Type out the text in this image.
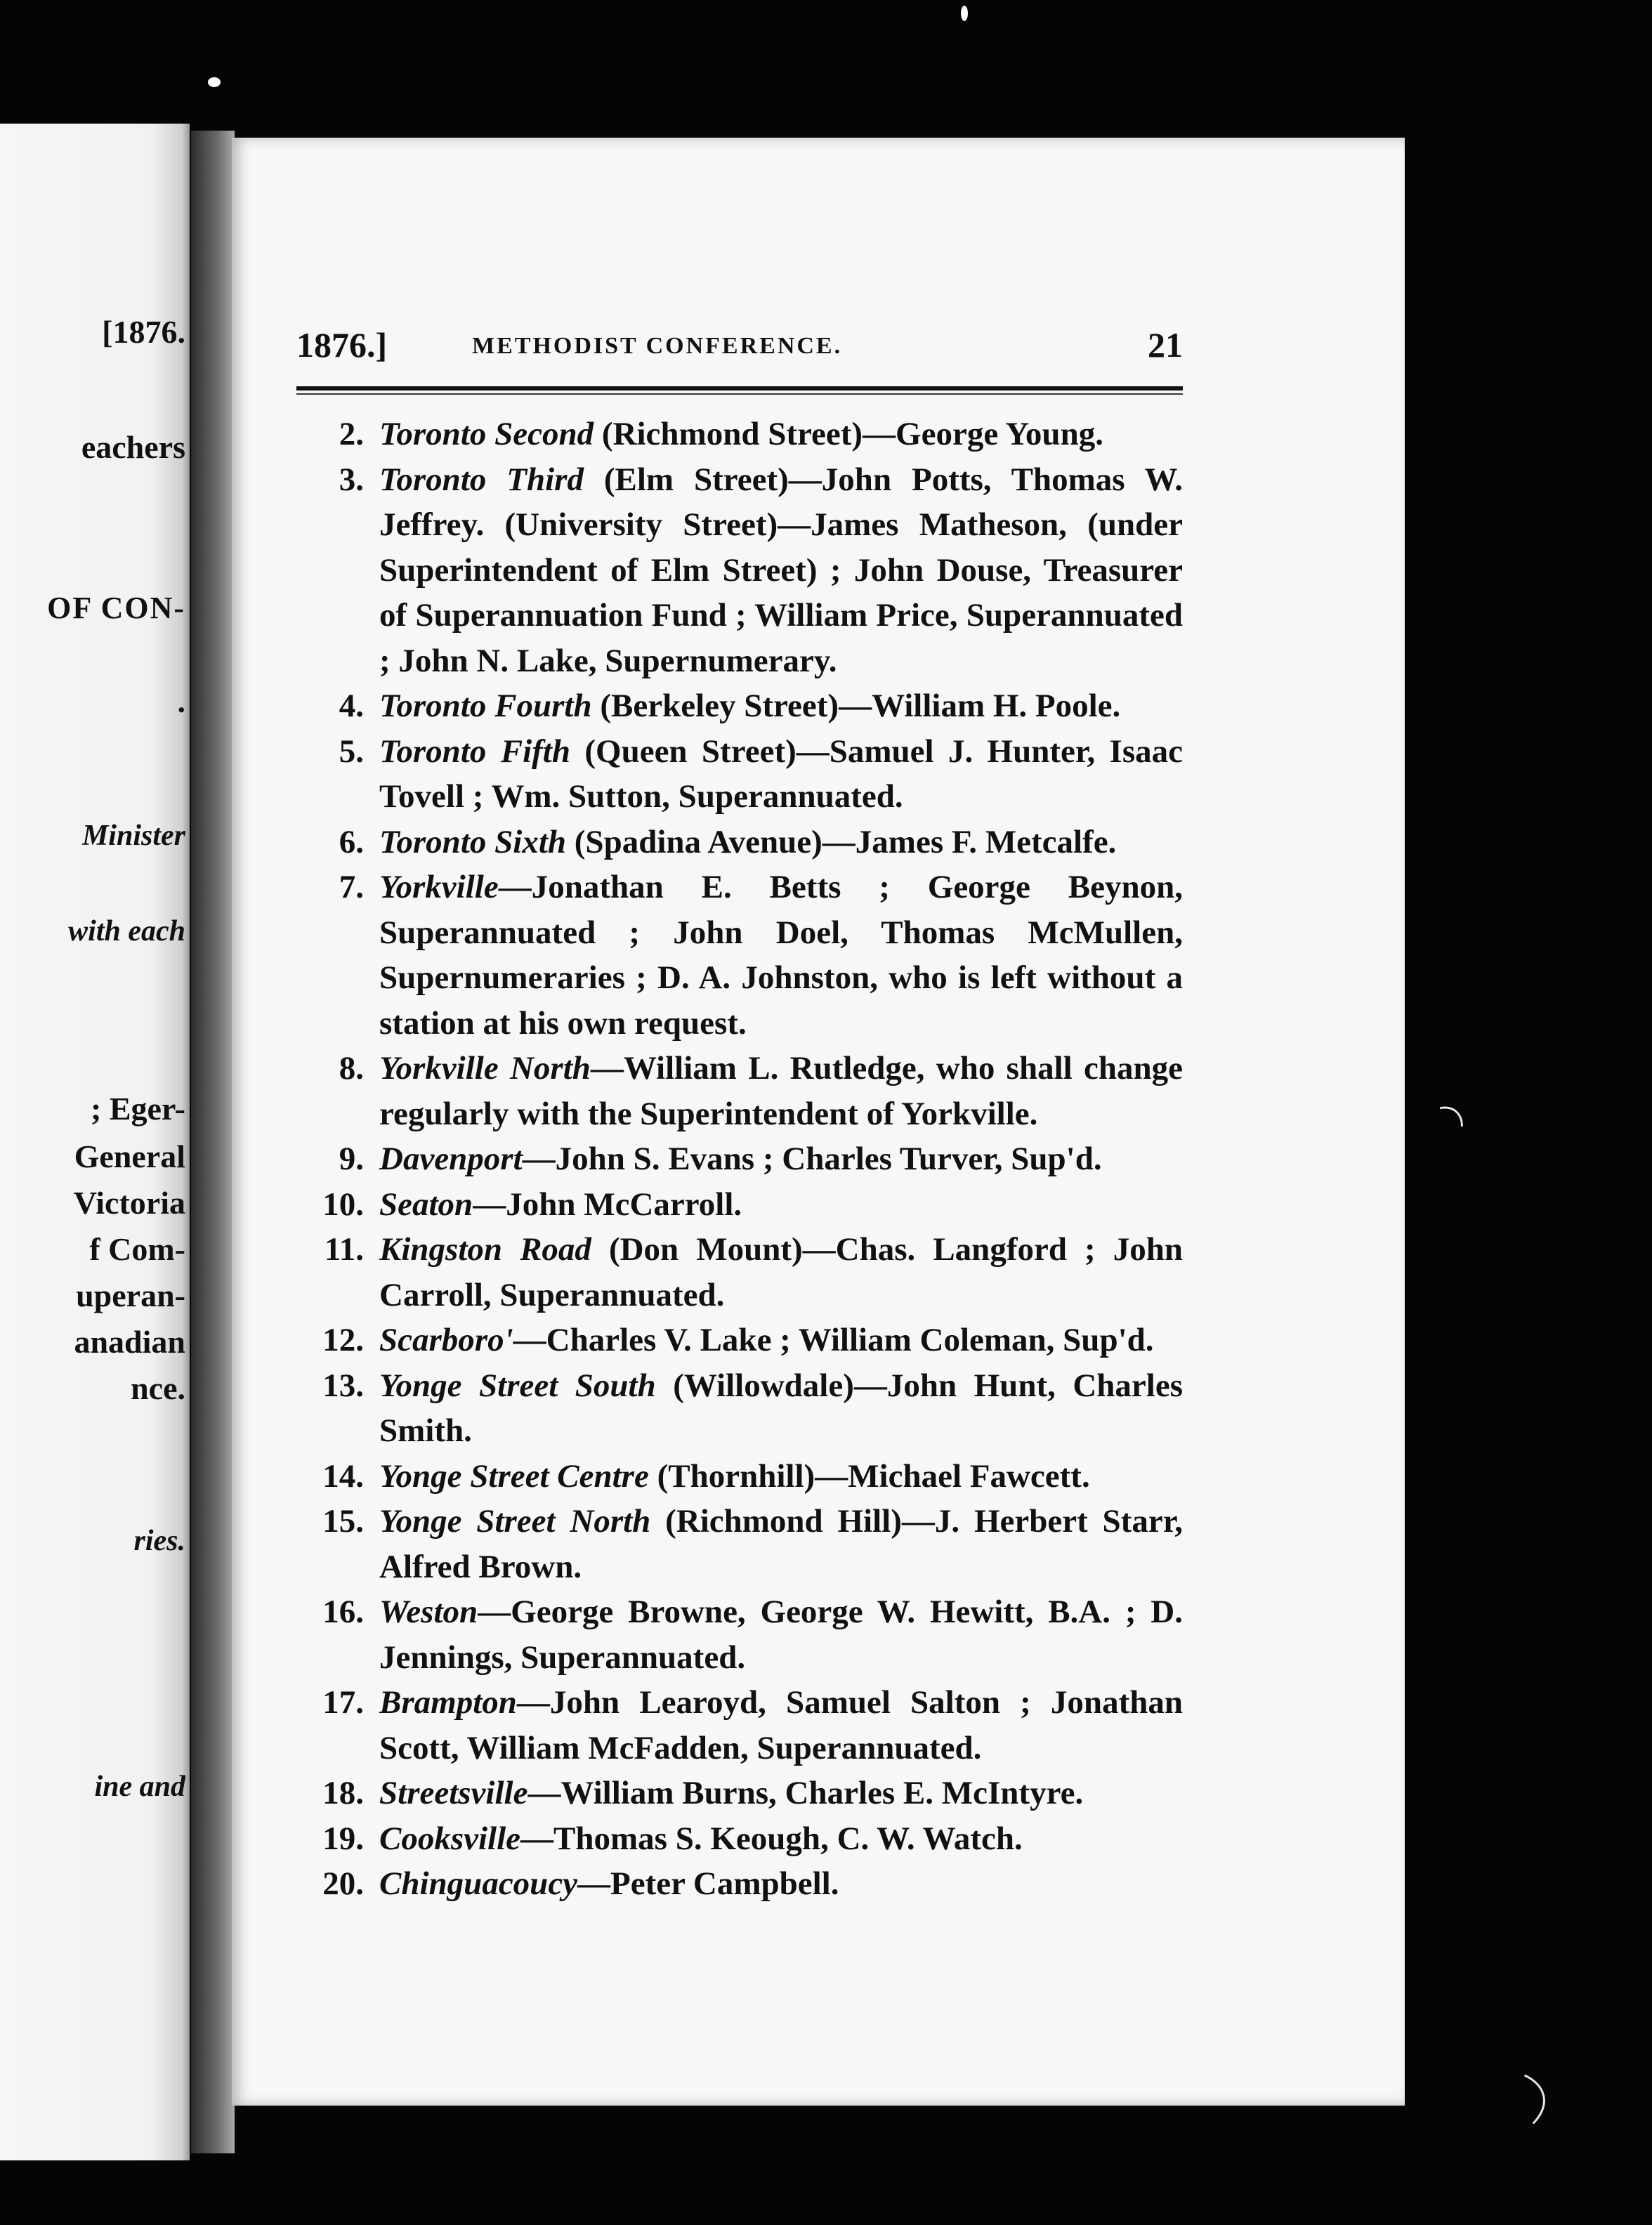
[1876.
eachers
OF CON-
.
Minister
with each
; Eger-
General
Victoria
f Com-
uperan-
anadian
nce.
ries.
ine and
1876.]	METHODIST CONFERENCE.	21
2. Toronto Second (Richmond Street)—George Young.
3. Toronto Third (Elm Street)—John Potts, Thomas W. Jeffrey. (University Street)—James Matheson, (under Superintendent of Elm Street) ; John Douse, Treasurer of Superannuation Fund ; William Price, Superannuated ; John N. Lake, Supernumerary.
4. Toronto Fourth (Berkeley Street)—William H. Poole.
5. Toronto Fifth (Queen Street)—Samuel J. Hunter, Isaac Tovell ; Wm. Sutton, Superannuated.
6. Toronto Sixth (Spadina Avenue)—James F. Metcalfe.
7. Yorkville—Jonathan E. Betts ; George Beynon, Superannuated ; John Doel, Thomas McMullen, Supernumeraries ; D. A. Johnston, who is left without a station at his own request.
8. Yorkville North—William L. Rutledge, who shall change regularly with the Superintendent of Yorkville.
9. Davenport—John S. Evans ; Charles Turver, Sup'd.
10. Seaton—John McCarroll.
11. Kingston Road (Don Mount)—Chas. Langford ; John Carroll, Superannuated.
12. Scarboro'—Charles V. Lake ; William Coleman, Sup'd.
13. Yonge Street South (Willowdale)—John Hunt, Charles Smith.
14. Yonge Street Centre (Thornhill)—Michael Fawcett.
15. Yonge Street North (Richmond Hill)—J. Herbert Starr, Alfred Brown.
16. Weston—George Browne, George W. Hewitt, B.A. ; D. Jennings, Superannuated.
17. Brampton—John Learoyd, Samuel Salton ; Jonathan Scott, William McFadden, Superannuated.
18. Streetsville—William Burns, Charles E. McIntyre.
19. Cooksville—Thomas S. Keough, C. W. Watch.
20. Chinguacoucy—Peter Campbell.
